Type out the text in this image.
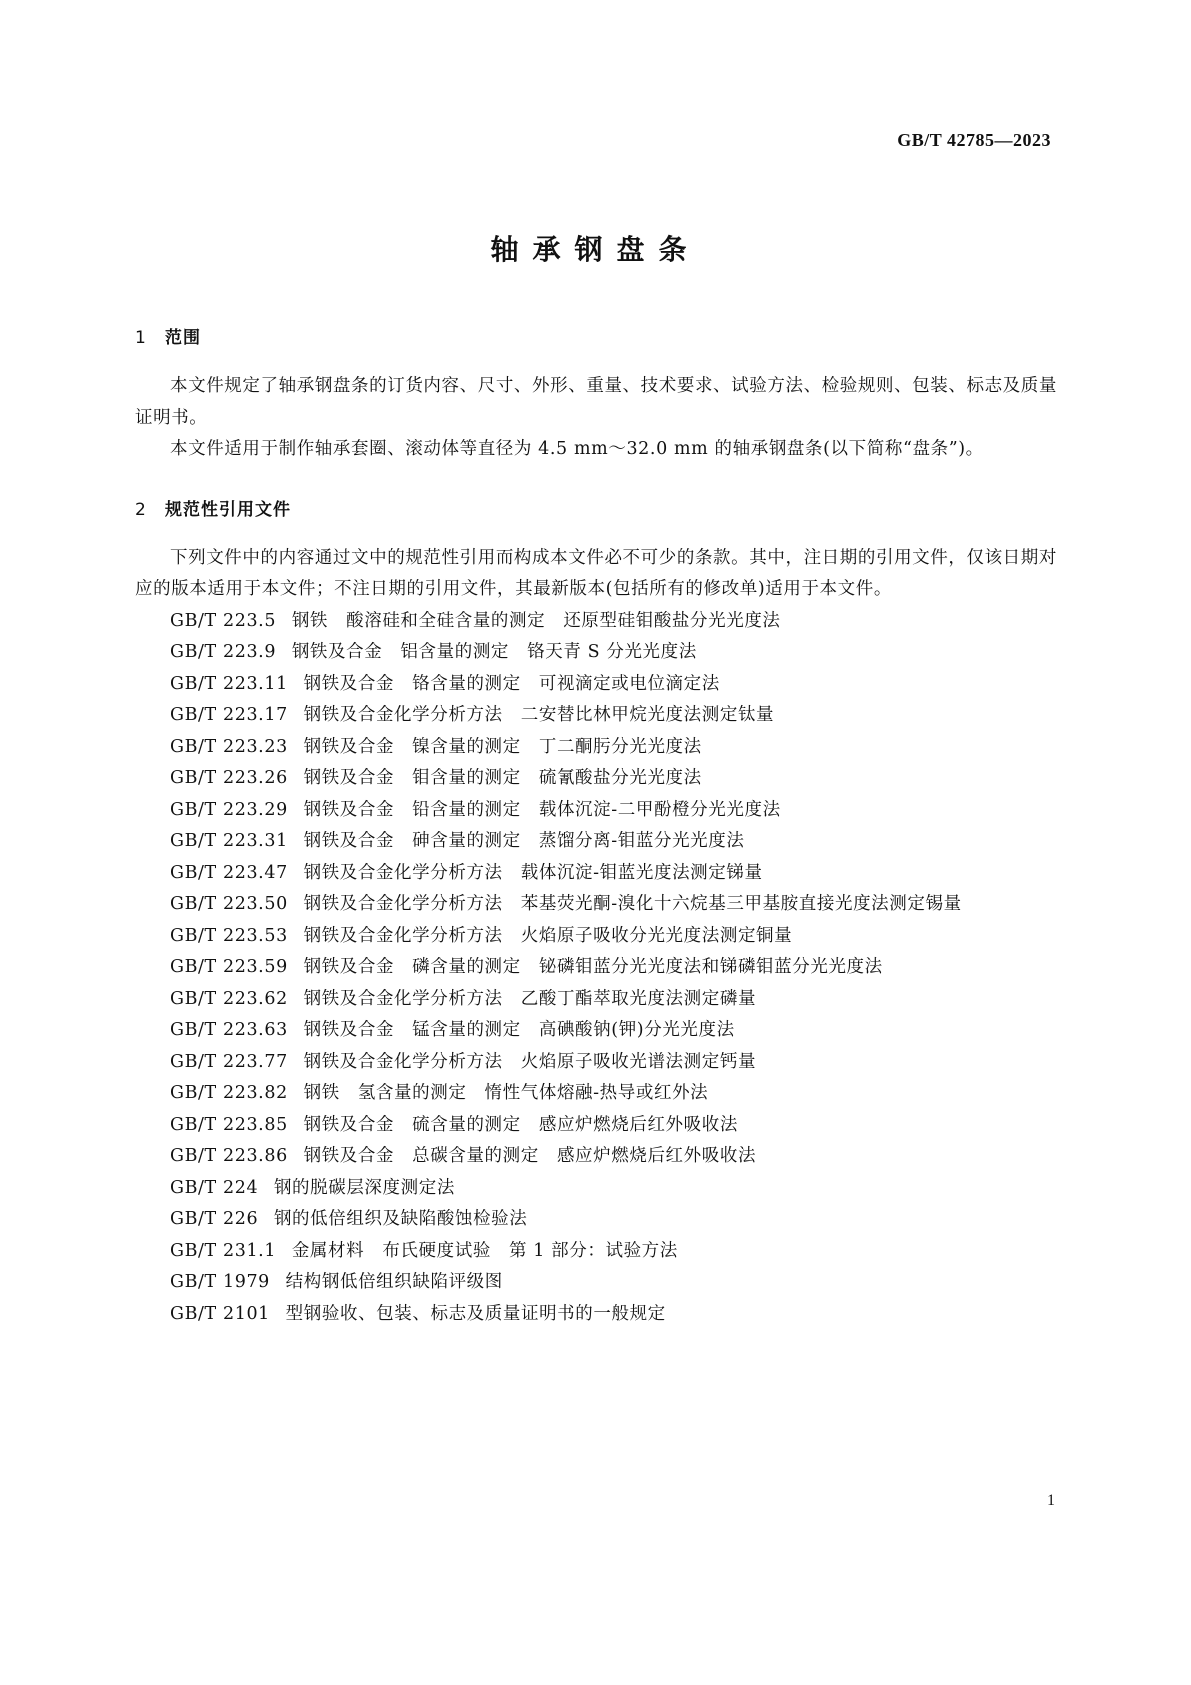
GB/T 42785—2023
轴承钢盘条
1 范围

本文件规定了轴承钢盘条的订货内容、尺寸、外形、重量、技术要求、试验方法、检验规则、包装、标志及质量证明书。

本文件适用于制作轴承套圈、滚动体等直径为 4.5 mm～32.0 mm 的轴承钢盘条(以下简称“盘条”)。

2 规范性引用文件

下列文件中的内容通过文中的规范性引用而构成本文件必不可少的条款。其中，注日期的引用文件，仅该日期对应的版本适用于本文件；不注日期的引用文件，其最新版本(包括所有的修改单)适用于本文件。

GB/T 223.5 钢铁　酸溶硅和全硅含量的测定　还原型硅钼酸盐分光光度法
GB/T 223.9 钢铁及合金　铝含量的测定　铬天青 S 分光光度法
GB/T 223.11 钢铁及合金　铬含量的测定　可视滴定或电位滴定法
GB/T 223.17 钢铁及合金化学分析方法　二安替比林甲烷光度法测定钛量
GB/T 223.23 钢铁及合金　镍含量的测定　丁二酮肟分光光度法
GB/T 223.26 钢铁及合金　钼含量的测定　硫氰酸盐分光光度法
GB/T 223.29 钢铁及合金　铅含量的测定　载体沉淀-二甲酚橙分光光度法
GB/T 223.31 钢铁及合金　砷含量的测定　蒸馏分离-钼蓝分光光度法
GB/T 223.47 钢铁及合金化学分析方法　载体沉淀-钼蓝光度法测定锑量
GB/T 223.50 钢铁及合金化学分析方法　苯基荧光酮-溴化十六烷基三甲基胺直接光度法测定锡量
GB/T 223.53 钢铁及合金化学分析方法　火焰原子吸收分光光度法测定铜量
GB/T 223.59 钢铁及合金　磷含量的测定　铋磷钼蓝分光光度法和锑磷钼蓝分光光度法
GB/T 223.62 钢铁及合金化学分析方法　乙酸丁酯萃取光度法测定磷量
GB/T 223.63 钢铁及合金　锰含量的测定　高碘酸钠(钾)分光光度法
GB/T 223.77 钢铁及合金化学分析方法　火焰原子吸收光谱法测定钙量
GB/T 223.82 钢铁　氢含量的测定　惰性气体熔融-热导或红外法
GB/T 223.85 钢铁及合金　硫含量的测定　感应炉燃烧后红外吸收法
GB/T 223.86 钢铁及合金　总碳含量的测定　感应炉燃烧后红外吸收法
GB/T 224 钢的脱碳层深度测定法
GB/T 226 钢的低倍组织及缺陷酸蚀检验法
GB/T 231.1 金属材料　布氏硬度试验　第 1 部分：试验方法
GB/T 1979 结构钢低倍组织缺陷评级图
GB/T 2101 型钢验收、包装、标志及质量证明书的一般规定
1
